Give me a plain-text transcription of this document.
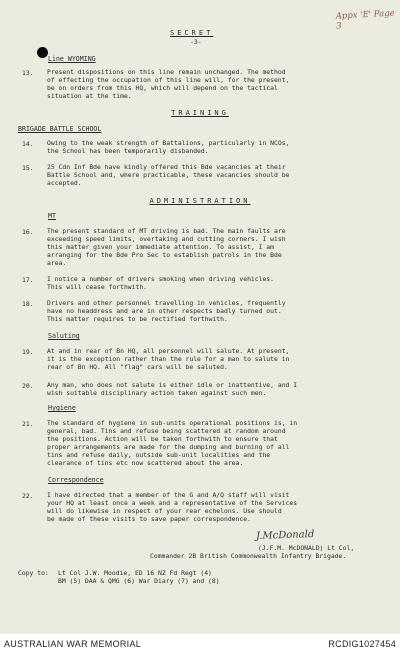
Appx 'E' Page 3
SECRET
-3-
Line WYOMING
13. Present dispositions on this line remain unchanged. The method
of effecting the occupation of this line will, for the present,
be on orders from this HQ, which will depend on the tactical
situation at the time.
TRAINING
BRIGADE BATTLE SCHOOL
14. Owing to the weak strength of Battalions, particularly in NCOs,
the School has been temporarily disbanded.
15. 25 Cdn Inf Bde have kindly offered this Bde vacancies at their
Battle School and, where practicable, these vacancies should be
accepted.
ADMINISTRATION
MT
16. The present standard of MT driving is bad. The main faults are
exceeding speed limits, overtaking and cutting corners. I wish
this matter given your immediate attention. To assist, I am
arranging for the Bde Pro Sec to establish patrols in the Bde
area.
17. I notice a number of drivers smoking when driving vehicles.
This will cease forthwith.
18. Drivers and other personnel travelling in vehicles, frequently
have no headdress and are in other respects badly turned out.
This matter requires to be rectified forthwith.
Saluting
19. At and in rear of Bn HQ, all personnel will salute. At present,
it is the exception rather than the rule for a man to salute in
rear of Bn HQ. All "flag" cars will be saluted.
20. Any man, who does not salute is either idle or inattentive, and I
wish suitable disciplinary action taken against such men.
Hygiene
21. The standard of hygiene in sub-units operational positions is, in
general, bad. Tins and refuse being scattered at random around
the positions. Action will be taken forthwith to ensure that
proper arrangements are made for the dumping and burning of all
tins and refuse daily, outside sub-unit localities and the
clearance of tins etc now scattered about the area.
Correspondence
22. I have directed that a member of the G and A/Q staff will visit
your HQ at least once a week and a representative of the Services
will do likewise in respect of your rear echelons. Use should
be made of these visits to save paper correspondence.
J.McDonald
(J.F.M. McDONALD) Lt Col,
Commander 2B British Commonwealth Infantry Brigade.
Copy to: Lt Col J.W. Moodie, ED 16 NZ Fd Regt (4)
BM (5) DAA & QMG (6) War Diary (7) and (8)
AUSTRALIAN WAR MEMORIAL	RCDIG1027454
